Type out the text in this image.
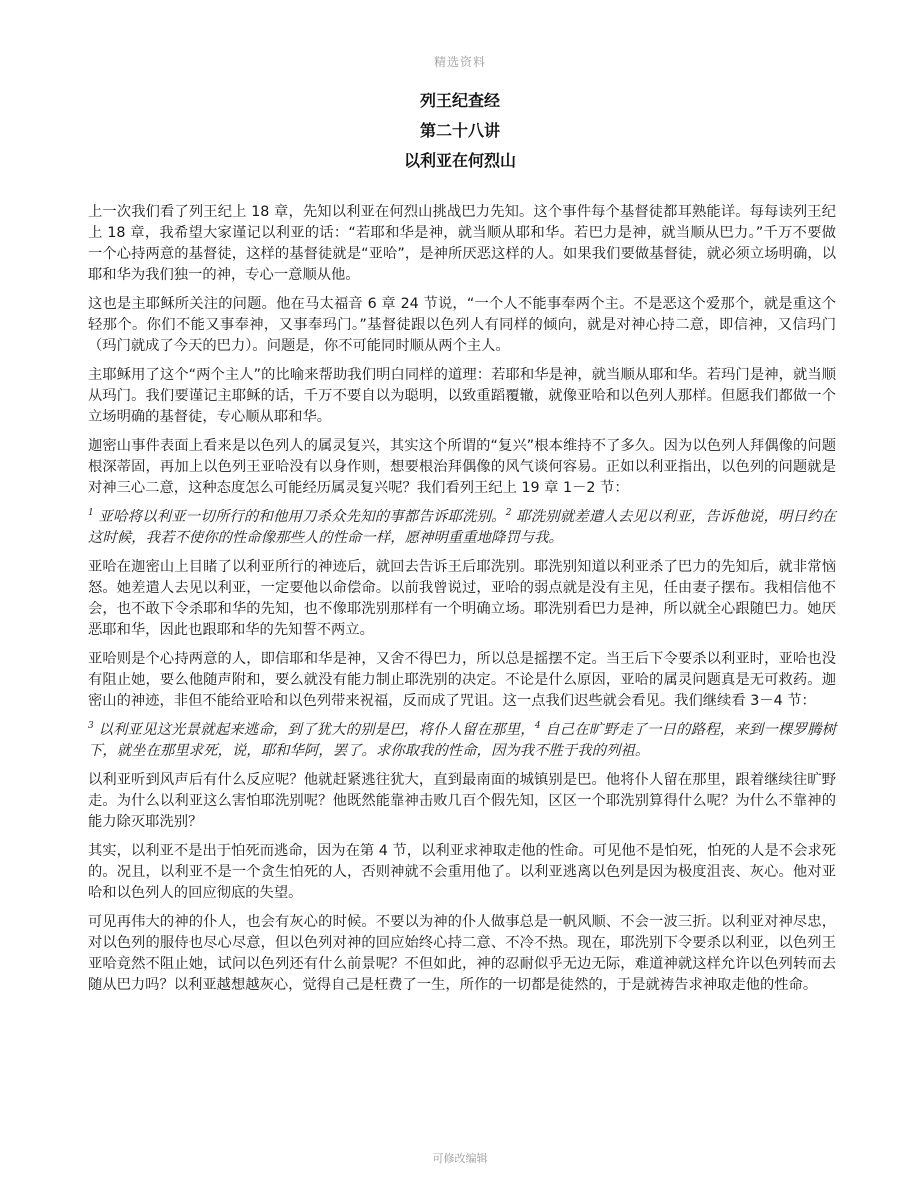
精选资料
列王纪查经
第二十八讲
以利亚在何烈山

上一次我们看了列王纪上 18 章，先知以利亚在何烈山挑战巴力先知。这个事件每个基督徒都耳熟能详。每每读列王纪上 18 章，我希望大家谨记以利亚的话：“若耶和华是神，就当顺从耶和华。若巴力是神，就当顺从巴力。”千万不要做一个心持两意的基督徒，这样的基督徒就是“亚哈”，是神所厌恶这样的人。如果我们要做基督徒，就必须立场明确，以耶和华为我们独一的神，专心一意顺从他。

这也是主耶稣所关注的问题。他在马太福音 6 章 24 节说，“一个人不能事奉两个主。不是恶这个爱那个，就是重这个轻那个。你们不能又事奉神，又事奉玛门。”基督徒跟以色列人有同样的倾向，就是对神心持二意，即信神，又信玛门（玛门就成了今天的巴力）。问题是，你不可能同时顺从两个主人。

主耶稣用了这个“两个主人”的比喻来帮助我们明白同样的道理：若耶和华是神，就当顺从耶和华。若玛门是神，就当顺从玛门。我们要谨记主耶稣的话，千万不要自以为聪明，以致重蹈覆辙，就像亚哈和以色列人那样。但愿我们都做一个立场明确的基督徒，专心顺从耶和华。

迦密山事件表面上看来是以色列人的属灵复兴，其实这个所谓的“复兴”根本维持不了多久。因为以色列人拜偶像的问题根深蒂固，再加上以色列王亚哈没有以身作则，想要根治拜偶像的风气谈何容易。正如以利亚指出，以色列的问题就是对神三心二意，这种态度怎么可能经历属灵复兴呢？我们看列王纪上 19 章 1－2 节：

$^1$ 亚哈将以利亚一切所行的和他用刀杀众先知的事都告诉耶洗别。$^2$ 耶洗别就差遣人去见以利亚，告诉他说，明日约在这时候，我若不使你的性命像那些人的性命一样，愿神明重重地降罚与我。

亚哈在迦密山上目睹了以利亚所行的神迹后，就回去告诉王后耶洗别。耶洗别知道以利亚杀了巴力的先知后，就非常恼怒。她差遣人去见以利亚，一定要他以命偿命。以前我曾说过，亚哈的弱点就是没有主见，任由妻子摆布。我相信他不会，也不敢下令杀耶和华的先知，也不像耶洗别那样有一个明确立场。耶洗别看巴力是神，所以就全心跟随巴力。她厌恶耶和华，因此也跟耶和华的先知誓不两立。

亚哈则是个心持两意的人，即信耶和华是神，又舍不得巴力，所以总是摇摆不定。当王后下令要杀以利亚时，亚哈也没有阻止她，要么他随声附和，要么就没有能力制止耶洗别的决定。不论是什么原因，亚哈的属灵问题真是无可救药。迦密山的神迹，非但不能给亚哈和以色列带来祝福，反而成了咒诅。这一点我们迟些就会看见。我们继续看 3－4 节：

$^3$ 以利亚见这光景就起来逃命，到了犹大的别是巴，将仆人留在那里，$^4$ 自己在旷野走了一日的路程，来到一棵罗腾树下，就坐在那里求死，说，耶和华阿，罢了。求你取我的性命，因为我不胜于我的列祖。

以利亚听到风声后有什么反应呢？他就赶紧逃往犹大，直到最南面的城镇别是巴。他将仆人留在那里，跟着继续往旷野走。为什么以利亚这么害怕耶洗别呢？他既然能靠神击败几百个假先知，区区一个耶洗别算得什么呢？为什么不靠神的能力除灭耶洗别？

其实，以利亚不是出于怕死而逃命，因为在第 4 节，以利亚求神取走他的性命。可见他不是怕死，怕死的人是不会求死的。况且，以利亚不是一个贪生怕死的人，否则神就不会重用他了。以利亚逃离以色列是因为极度沮丧、灰心。他对亚哈和以色列人的回应彻底的失望。

可见再伟大的神的仆人，也会有灰心的时候。不要以为神的仆人做事总是一帆风顺、不会一波三折。以利亚对神尽忠，对以色列的服侍也尽心尽意，但以色列对神的回应始终心持二意、不冷不热。现在，耶洗别下令要杀以利亚，以色列王亚哈竟然不阻止她，试问以色列还有什么前景呢？不但如此，神的忍耐似乎无边无际，难道神就这样允许以色列转而去随从巴力吗？以利亚越想越灰心，觉得自己是枉费了一生，所作的一切都是徒然的，于是就祷告求神取走他的性命。

可修改编辑
